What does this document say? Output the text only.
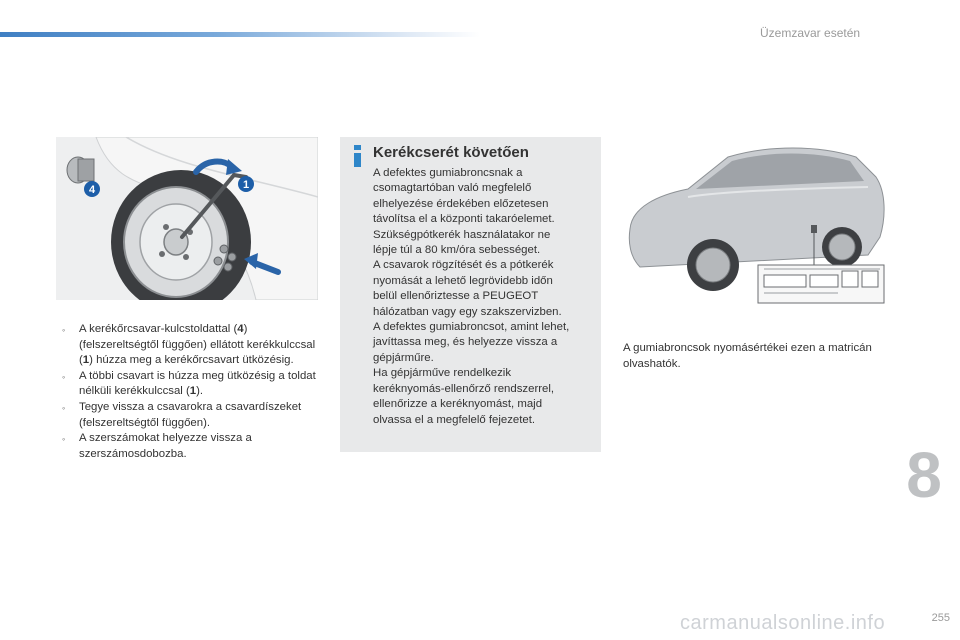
Üzemzavar esetén
4	1
◦ A kerékőrcsavar-kulcstoldattal (4) (felszereltségtől függően) ellátott kerékkulccsal (1) húzza meg a kerékőrcsavart ütközésig.
◦ A többi csavart is húzza meg ütközésig a toldat nélküli kerékkulccsal (1).
◦ Tegye vissza a csavarokra a csavardíszeket (felszereltségtől függően).
◦ A szerszámokat helyezze vissza a szerszámosdobozba.
Kerékcserét követően
A defektes gumiabroncsnak a
csomagtartóban való megfelelő
elhelyezése érdekében előzetesen
távolítsa el a központi takaróelemet.
Szükségpótkerék használatakor ne
lépje túl a 80 km/óra sebességet.
A csavarok rögzítését és a pótkerék
nyomását a lehető legrövidebb időn
belül ellenőriztesse a PEUGEOT
hálózatban vagy egy szakszervizben.
A defektes gumiabroncsot, amint lehet,
javíttassa meg, és helyezze vissza a
gépjárműre.
Ha gépjárműve rendelkezik
keréknyomás-ellenőrző rendszerrel,
ellenőrizze a keréknyomást, majd
olvassa el a megfelelő fejezetet.
A gumiabroncsok nyomásértékei ezen a matricán olvashatók.
8
carmanualsonline.info	255
